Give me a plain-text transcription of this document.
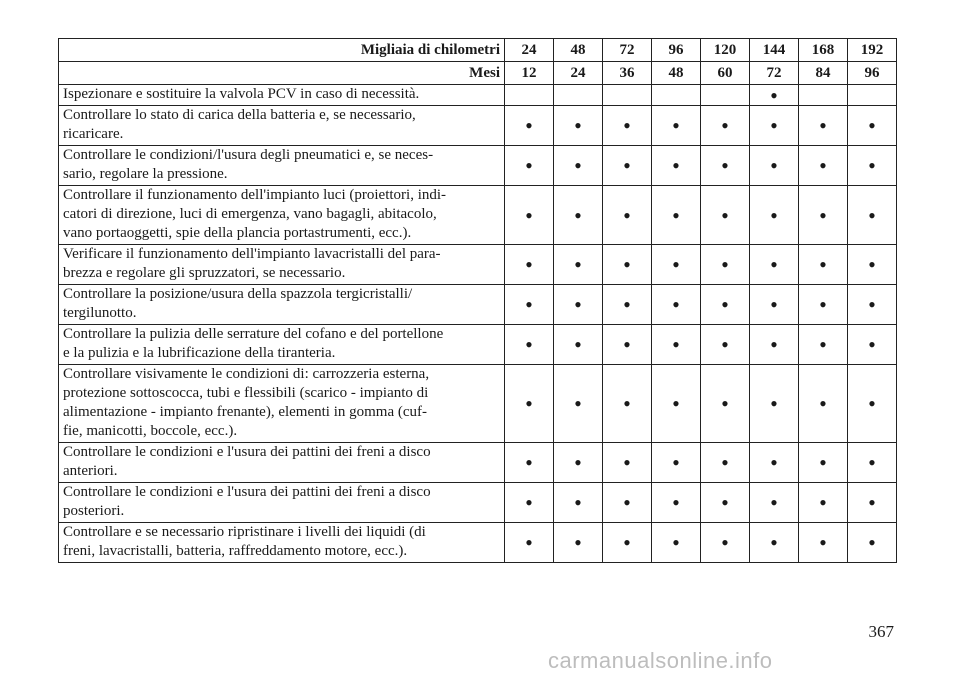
Migliaia di chilometri	24	48	72	96	120	144	168	192
Mesi	12	24	36	48	60	72	84	96
Ispezionare e sostituire la valvola PCV in caso di necessità.						•		
Controllare lo stato di carica della batteria e, se necessario,
ricaricare.	•	•	•	•	•	•	•	•
Controllare le condizioni/l'usura degli pneumatici e, se neces-
sario, regolare la pressione.	•	•	•	•	•	•	•	•
Controllare il funzionamento dell'impianto luci (proiettori, indi-
catori di direzione, luci di emergenza, vano bagagli, abitacolo,
vano portaoggetti, spie della plancia portastrumenti, ecc.).	•	•	•	•	•	•	•	•
Verificare il funzionamento dell'impianto lavacristalli del para-
brezza e regolare gli spruzzatori, se necessario.	•	•	•	•	•	•	•	•
Controllare la posizione/usura della spazzola tergicristalli/
tergilunotto.	•	•	•	•	•	•	•	•
Controllare la pulizia delle serrature del cofano e del portellone
e la pulizia e la lubrificazione della tiranteria.	•	•	•	•	•	•	•	•
Controllare visivamente le condizioni di: carrozzeria esterna,
protezione sottoscocca, tubi e flessibili (scarico - impianto di
alimentazione - impianto frenante), elementi in gomma (cuf-
fie, manicotti, boccole, ecc.).	•	•	•	•	•	•	•	•
Controllare le condizioni e l'usura dei pattini dei freni a disco
anteriori.	•	•	•	•	•	•	•	•
Controllare le condizioni e l'usura dei pattini dei freni a disco
posteriori.	•	•	•	•	•	•	•	•
Controllare e se necessario ripristinare i livelli dei liquidi (di
freni, lavacristalli, batteria, raffreddamento motore, ecc.).	•	•	•	•	•	•	•	•
367
carmanualsonline.info
